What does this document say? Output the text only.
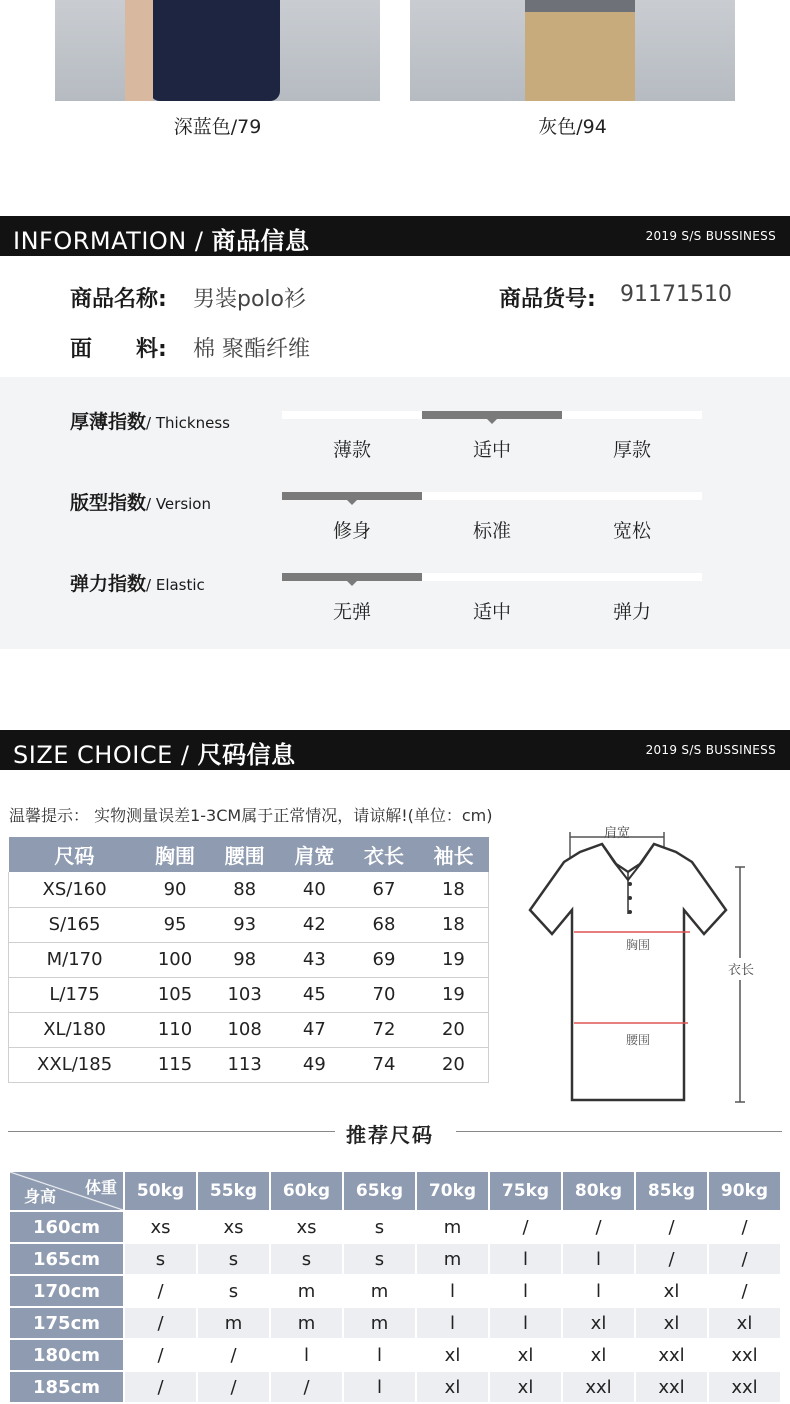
深蓝色/79	灰色/94
INFORMATION / 商品信息	2019 S/S BUSSINESS
商品名称: 男装polo衫	商品货号: 91171510
面　　料: 棉 聚酯纤维
厚薄指数/ Thickness
薄款	适中	厚款
版型指数/ Version
修身	标准	宽松
弹力指数/ Elastic
无弹	适中	弹力
SIZE CHOICE / 尺码信息	2019 S/S BUSSINESS
温馨提示： 实物测量误差1-3CM属于正常情况，请谅解!(单位：cm)
尺码	胸围	腰围	肩宽	衣长	袖长
XS/160	90	88	40	67	18
S/165	95	93	42	68	18
M/170	100	98	43	69	19
L/175	105	103	45	70	19
XL/180	110	108	47	72	20
XXL/185	115	113	49	74	20
肩宽
衣长
胸围
腰围
推荐尺码
体重
身高	50kg	55kg	60kg	65kg	70kg	75kg	80kg	85kg	90kg
160cm	xs	xs	xs	s	m	/	/	/	/
165cm	s	s	s	s	m	l	l	/	/
170cm	/	s	m	m	l	l	l	xl	/
175cm	/	m	m	m	l	l	xl	xl	xl
180cm	/	/	l	l	xl	xl	xl	xxl	xxl
185cm	/	/	/	l	xl	xl	xxl	xxl	xxl
